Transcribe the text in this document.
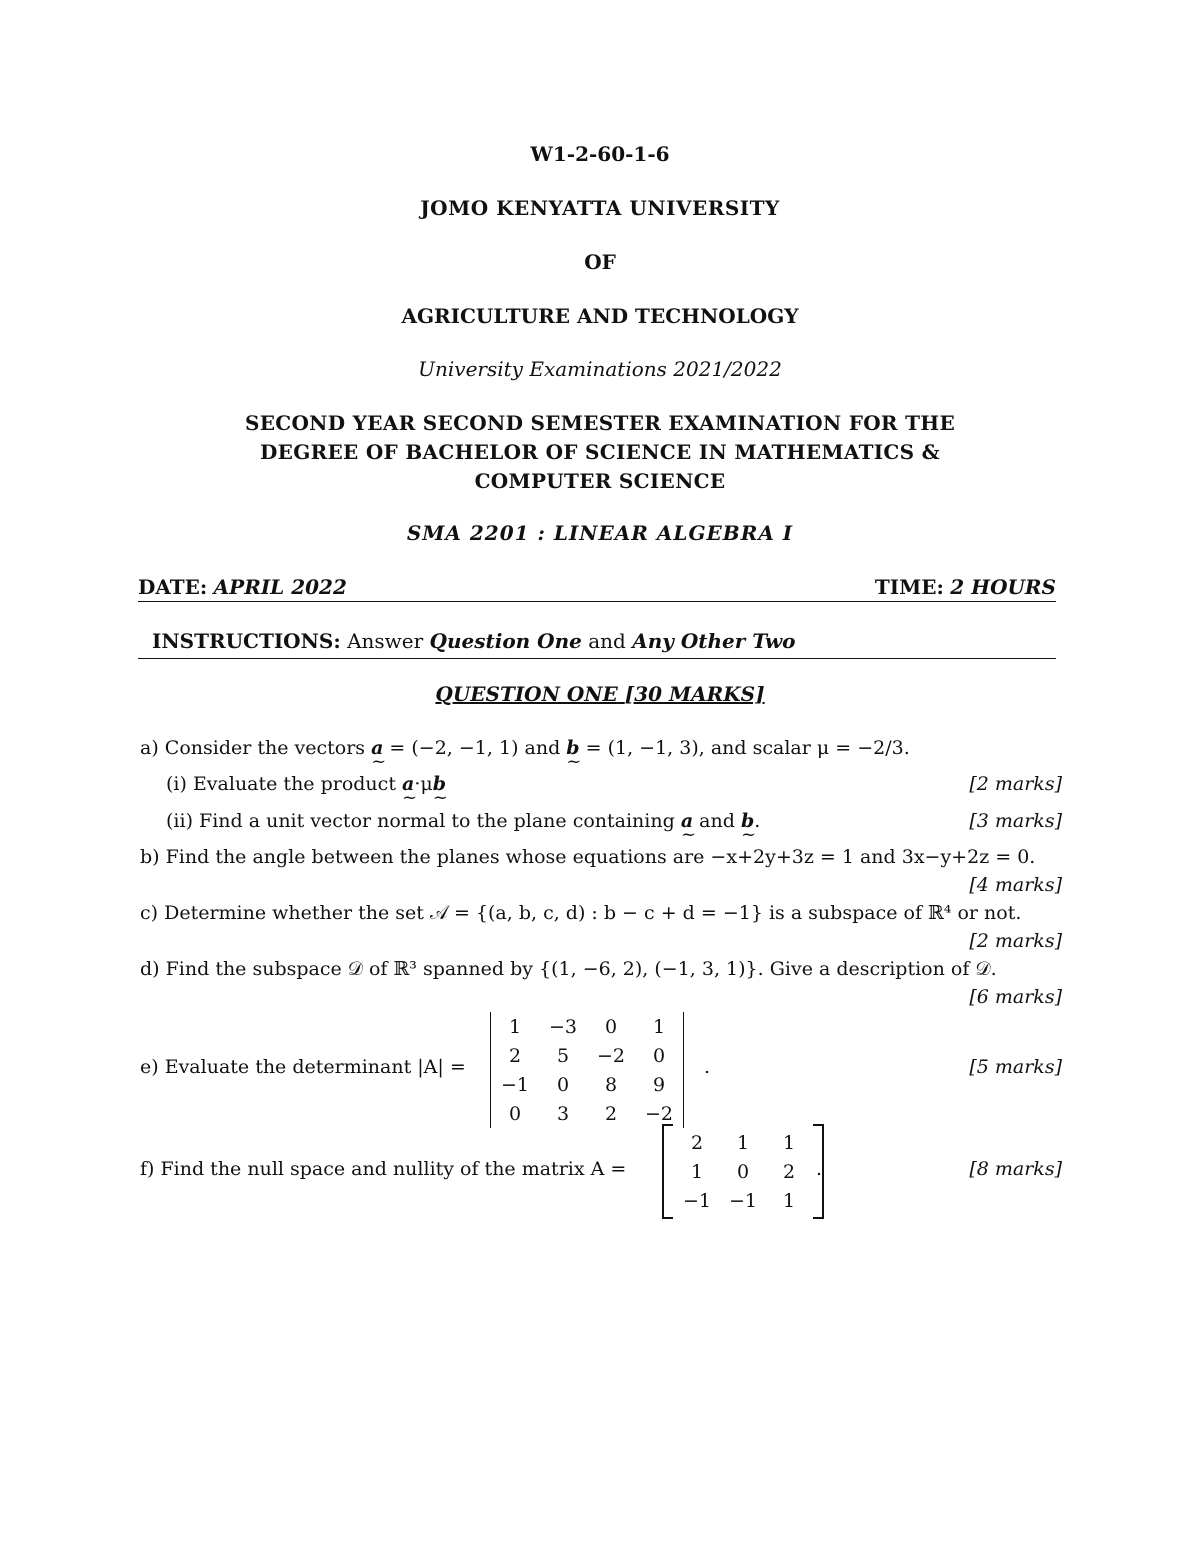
W1-2-60-1-6
JOMO KENYATTA UNIVERSITY
OF
AGRICULTURE AND TECHNOLOGY
University Examinations 2021/2022
SECOND YEAR SECOND SEMESTER EXAMINATION FOR THE
DEGREE OF BACHELOR OF SCIENCE IN MATHEMATICS &
COMPUTER SCIENCE
SMA 2201 : LINEAR ALGEBRA I
DATE: APRIL 2022	TIME: 2 HOURS
INSTRUCTIONS: Answer Question One and Any Other Two
QUESTION ONE [30 MARKS]
a) Consider the vectors a ~ = (−2, −1, 1) and b ~ = (1, −1, 3), and scalar μ = −2/3.
(i) Evaluate the product a ~·μb ~	[2 marks]
(ii) Find a unit vector normal to the plane containing a ~ and b ~.	[3 marks]
b) Find the angle between the planes whose equations are −x+2y+3z = 1 and 3x−y+2z = 0.
[4 marks]
c) Determine whether the set 𝒜 = {(a, b, c, d) : b − c + d = −1} is a subspace of ℝ⁴ or not.
[2 marks]
d) Find the subspace 𝒟 of ℝ³ spanned by {(1, −6, 2), (−1, 3, 1)}. Give a description of 𝒟.
[6 marks]
e) Evaluate the determinant |A| =	[5 marks]
1	−3	0	1
2	5	−2	0
−1	0	8	9
0	3	2	−2
.
f) Find the null space and nullity of the matrix A =	[8 marks]
2	1	1
1	0	2
−1	−1	1
.
